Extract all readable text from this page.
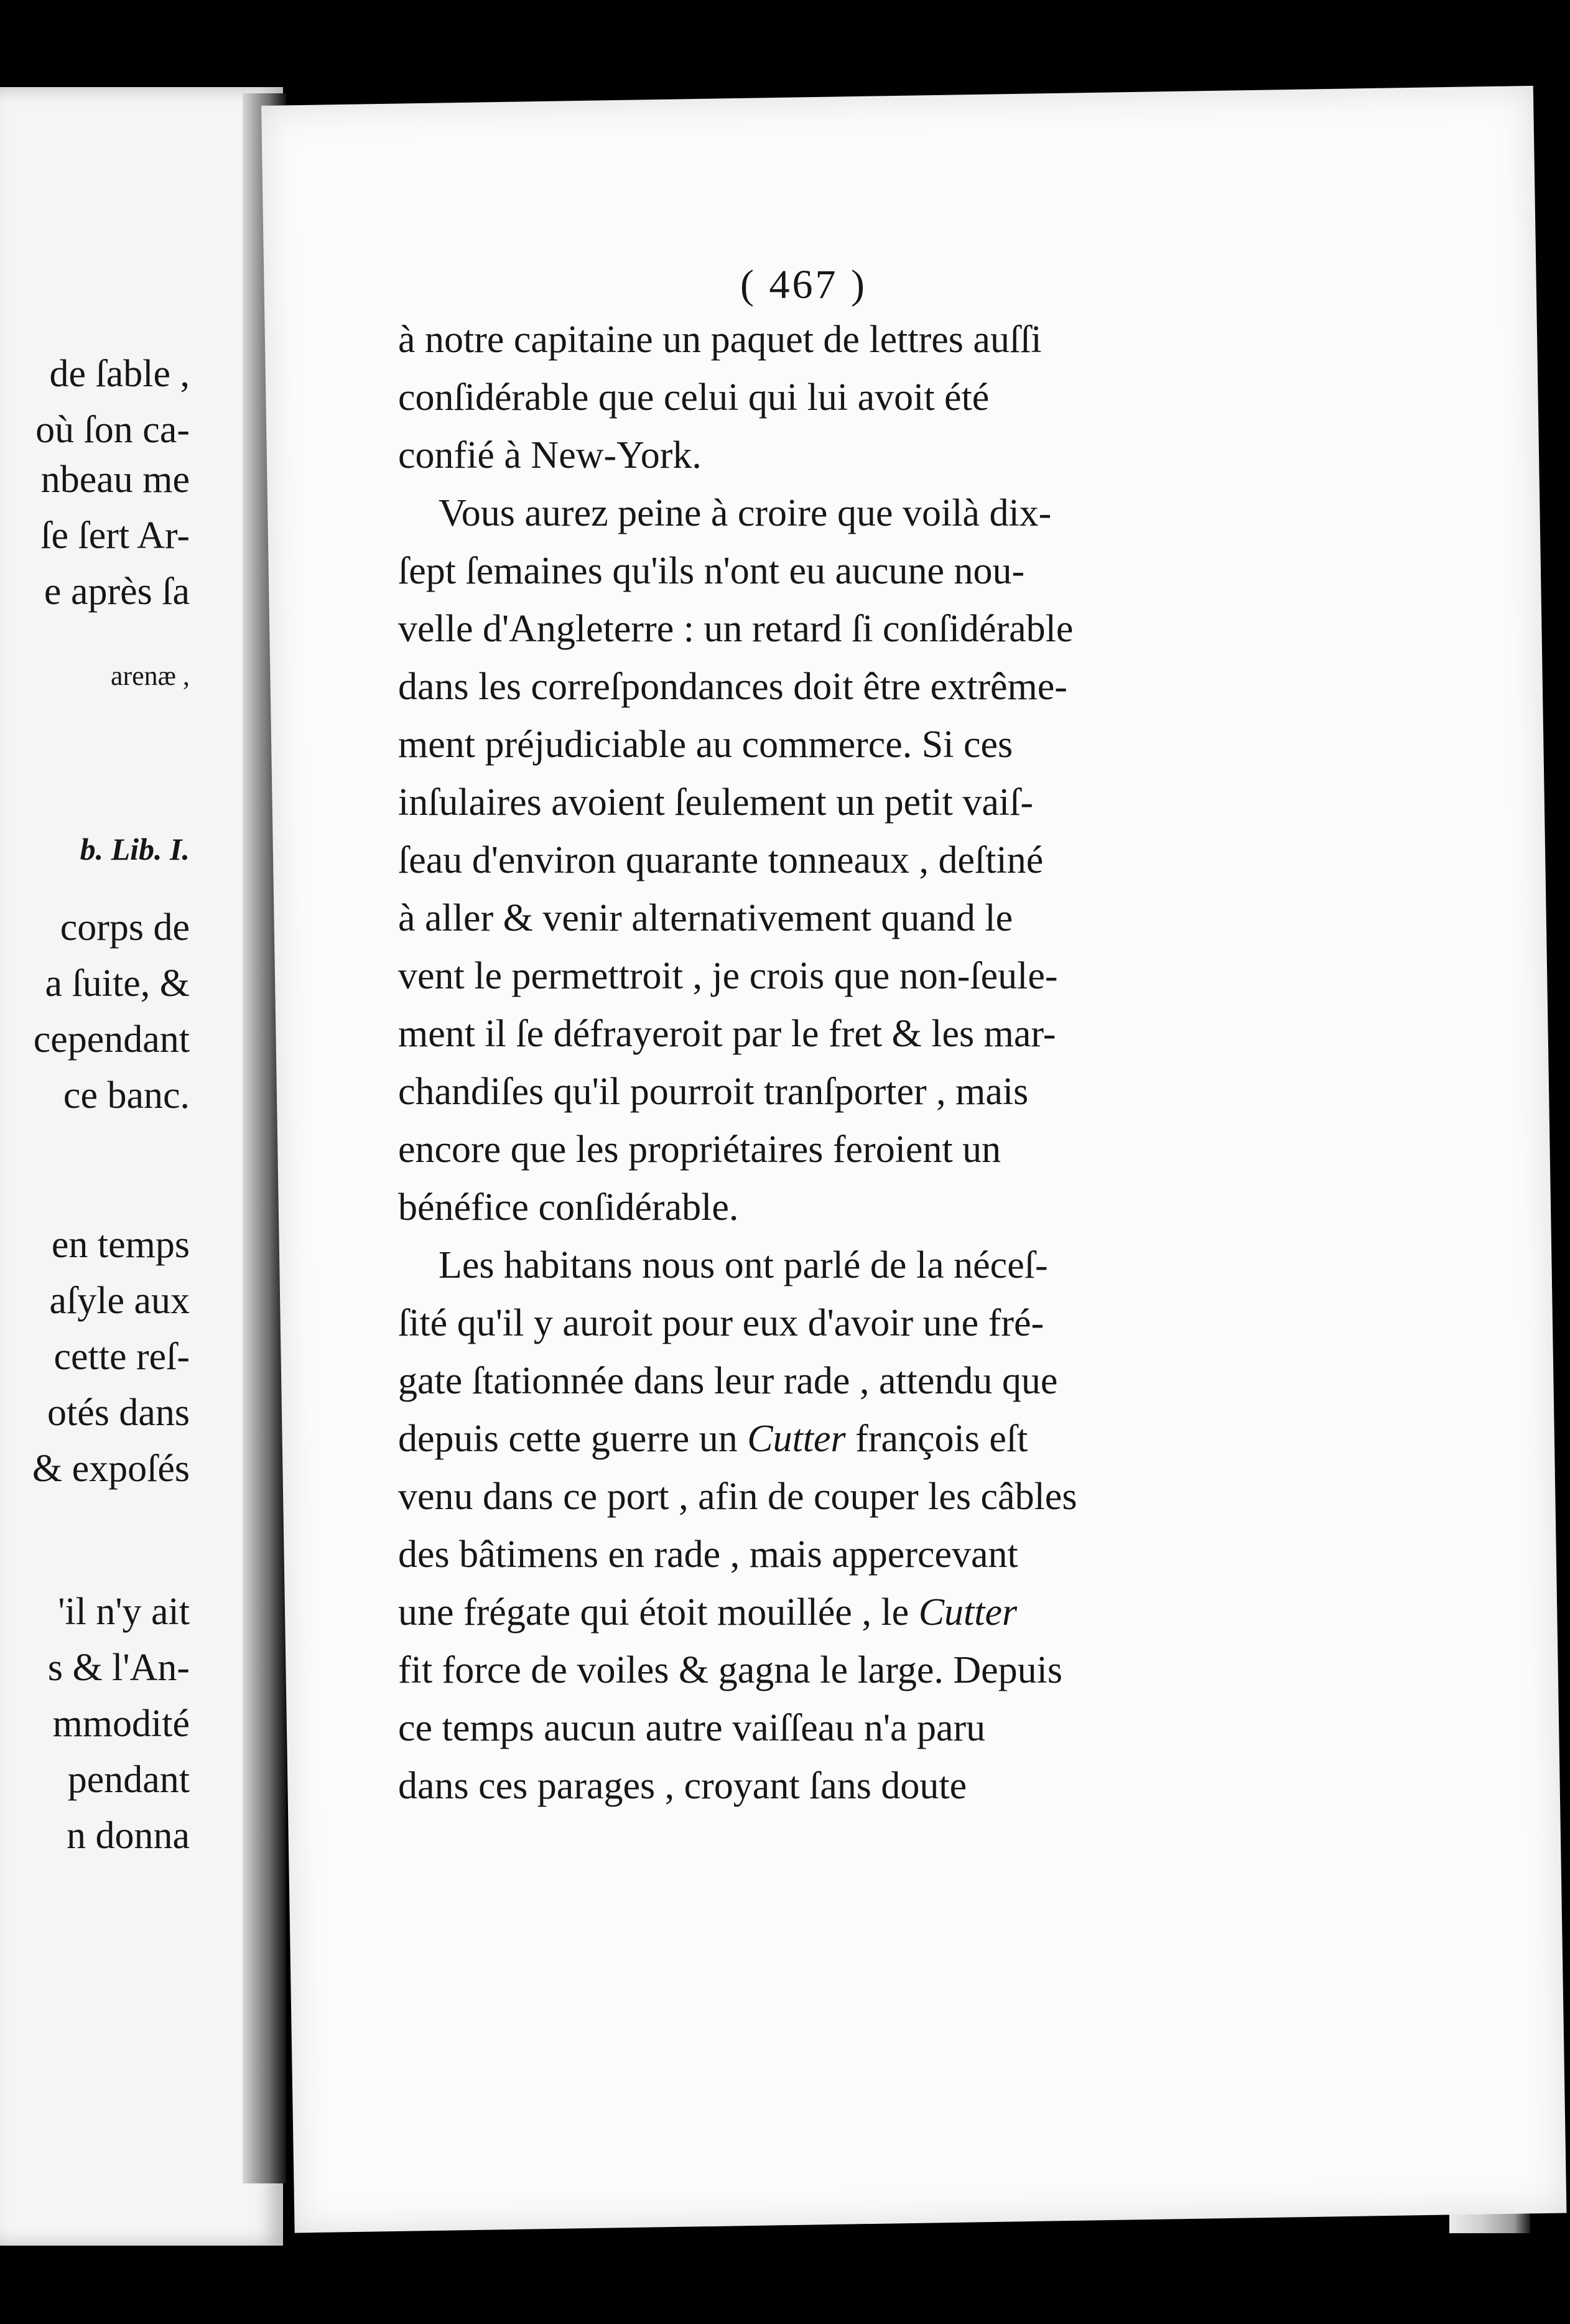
de ſable ,
où ſon ca-
nbeau me
ſe ſert Ar-
e après ſa
arenæ ,
b. Lib. I.
corps de
a ſuite, &
cependant
ce banc.
en temps
aſyle aux
cette reſ-
otés dans
& expoſés
'il n'y ait
s & l'An-
mmodité
pendant
n donna
( 467 )
à notre capitaine un paquet de lettres auſſi
conſidérable que celui qui lui avoit été
confié à New-York.
Vous aurez peine à croire que voilà dix-
ſept ſemaines qu'ils n'ont eu aucune nou-
velle d'Angleterre : un retard ſi conſidérable
dans les correſpondances doit être extrême-
ment préjudiciable au commerce. Si ces
inſulaires avoient ſeulement un petit vaiſ-
ſeau d'environ quarante tonneaux , deſtiné
à aller & venir alternativement quand le
vent le permettroit , je crois que non-ſeule-
ment il ſe défrayeroit par le fret & les mar-
chandiſes qu'il pourroit tranſporter , mais
encore que les propriétaires feroient un
bénéfice conſidérable.
Les habitans nous ont parlé de la néceſ-
ſité qu'il y auroit pour eux d'avoir une fré-
gate ſtationnée dans leur rade , attendu que
depuis cette guerre un Cutter françois eſt
venu dans ce port , afin de couper les câbles
des bâtimens en rade , mais appercevant
une frégate qui étoit mouillée , le Cutter
fit force de voiles & gagna le large. Depuis
ce temps aucun autre vaiſſeau n'a paru
dans ces parages , croyant ſans doute
